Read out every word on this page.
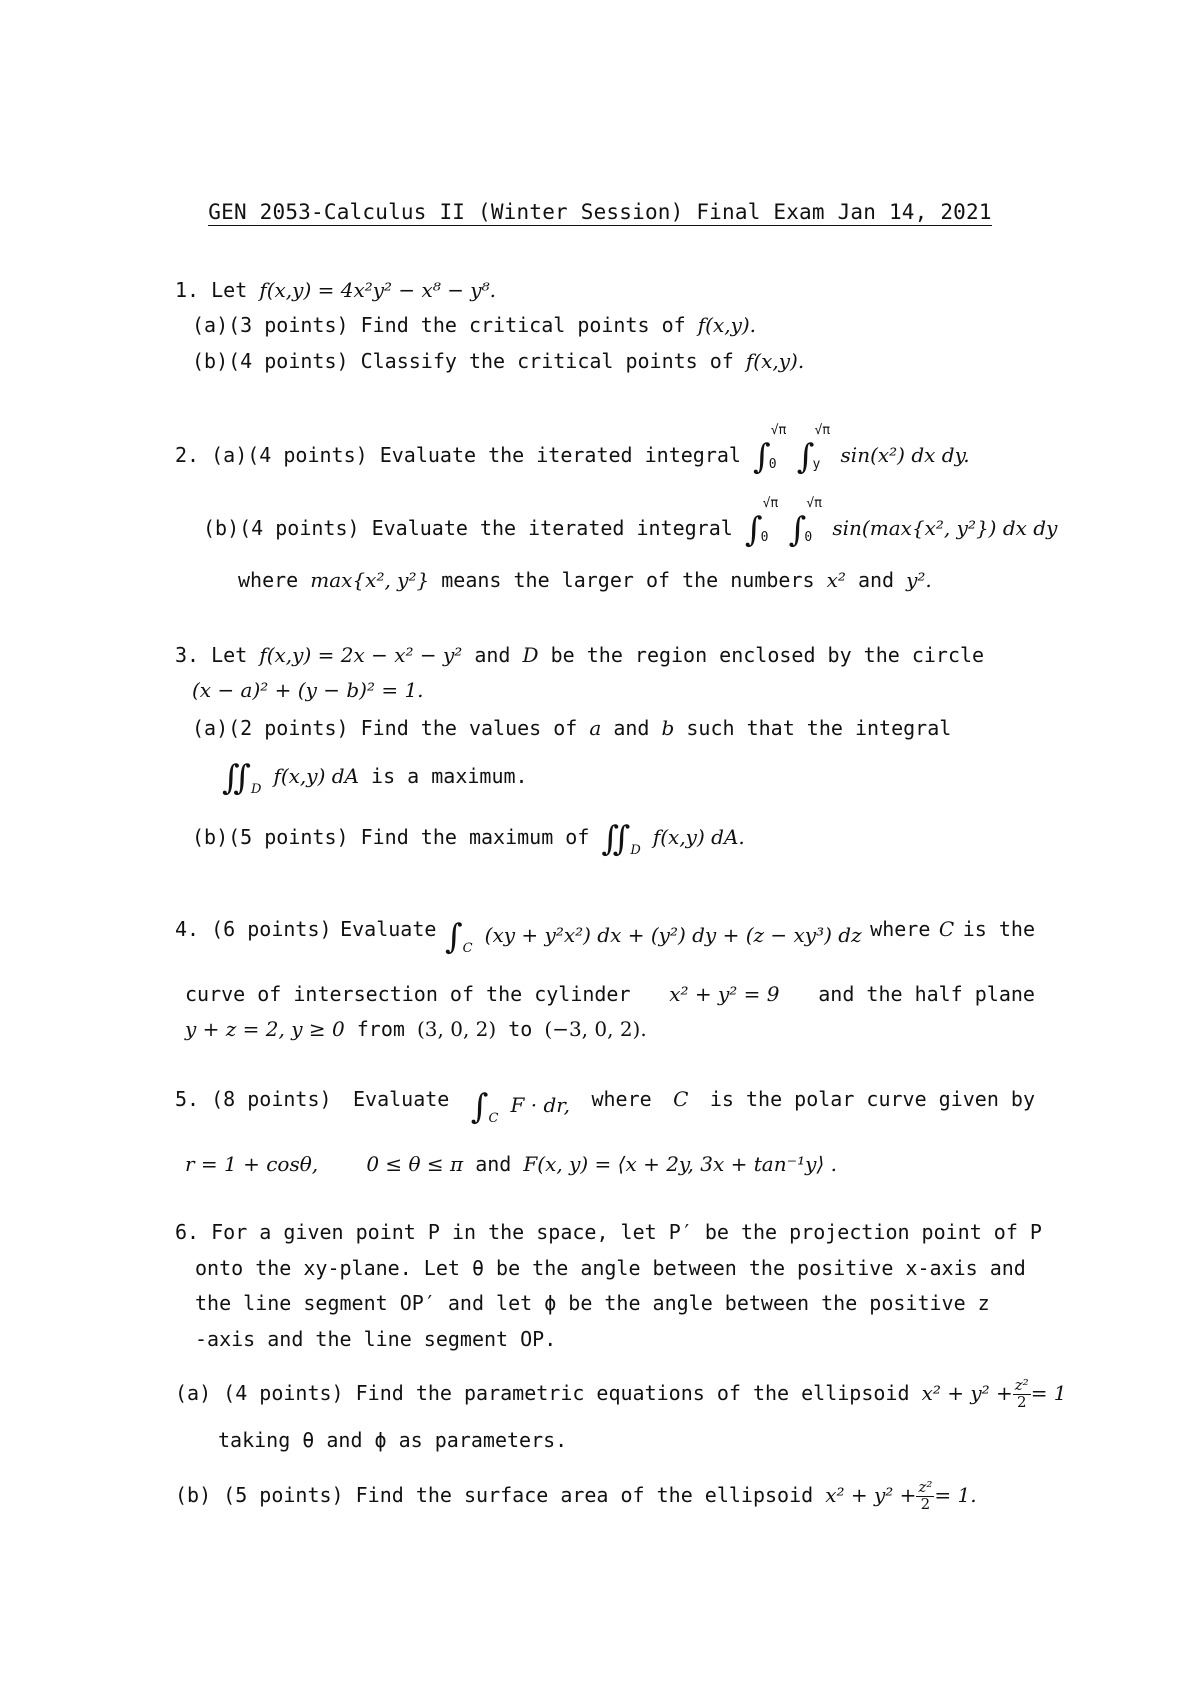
GEN 2053-Calculus II (Winter Session) Final Exam Jan 14, 2021
1. Let f(x,y) = 4x²y² − x⁸ − y⁸.
(a)(3 points) Find the critical points of f(x,y).
(b)(4 points) Classify the critical points of f(x,y).
2. (a)(4 points) Evaluate the iterated integral ∫
√π
0 ∫
√π
y sin(x²) dx dy.
(b)(4 points) Evaluate the iterated integral ∫
√π
0 ∫
√π
0 sin(max{x², y²}) dx dy
where max{x², y²} means the larger of the numbers x² and y².
3. Let f(x,y) = 2x − x² − y² and D be the region enclosed by the circle
(x − a)² + (y − b)² = 1.
(a)(2 points) Find the values of a and b such that the integral
$∬_D$ f(x,y) dA is a maximum.
(b)(5 points) Find the maximum of $∬_D$ f(x,y) dA.
4. (6 points) Evaluate $\int_C$ (xy + y²x²) dx + (y²) dy + (z − xy³) dz where C is the
curve of intersection of the cylinder x² + y² = 9 and the half plane
y + z = 2, y ≥ 0 from (3, 0, 2) to (−3, 0, 2).
5. (8 points) Evaluate $\int_C$ F · dr, where C is the polar curve given by
r = 1 + cosθ, 0 ≤ θ ≤ π and F(x, y) = ⟨x + 2y, 3x + tan⁻¹y⟩ .
6. For a given point P in the space, let P′ be the projection point of P
onto the xy-plane. Let θ be the angle between the positive x-axis and
the line segment OP′ and let ϕ be the angle between the positive z
-axis and the line segment OP.
(a) (4 points) Find the parametric equations of the ellipsoid $x^2 + y^2 + \frac{\text{z²}}{2} = 1$
taking θ and ϕ as parameters.
(b) (5 points) Find the surface area of the ellipsoid $x^2 + y^2 + \frac{\text{z²}}{2} = 1$.
